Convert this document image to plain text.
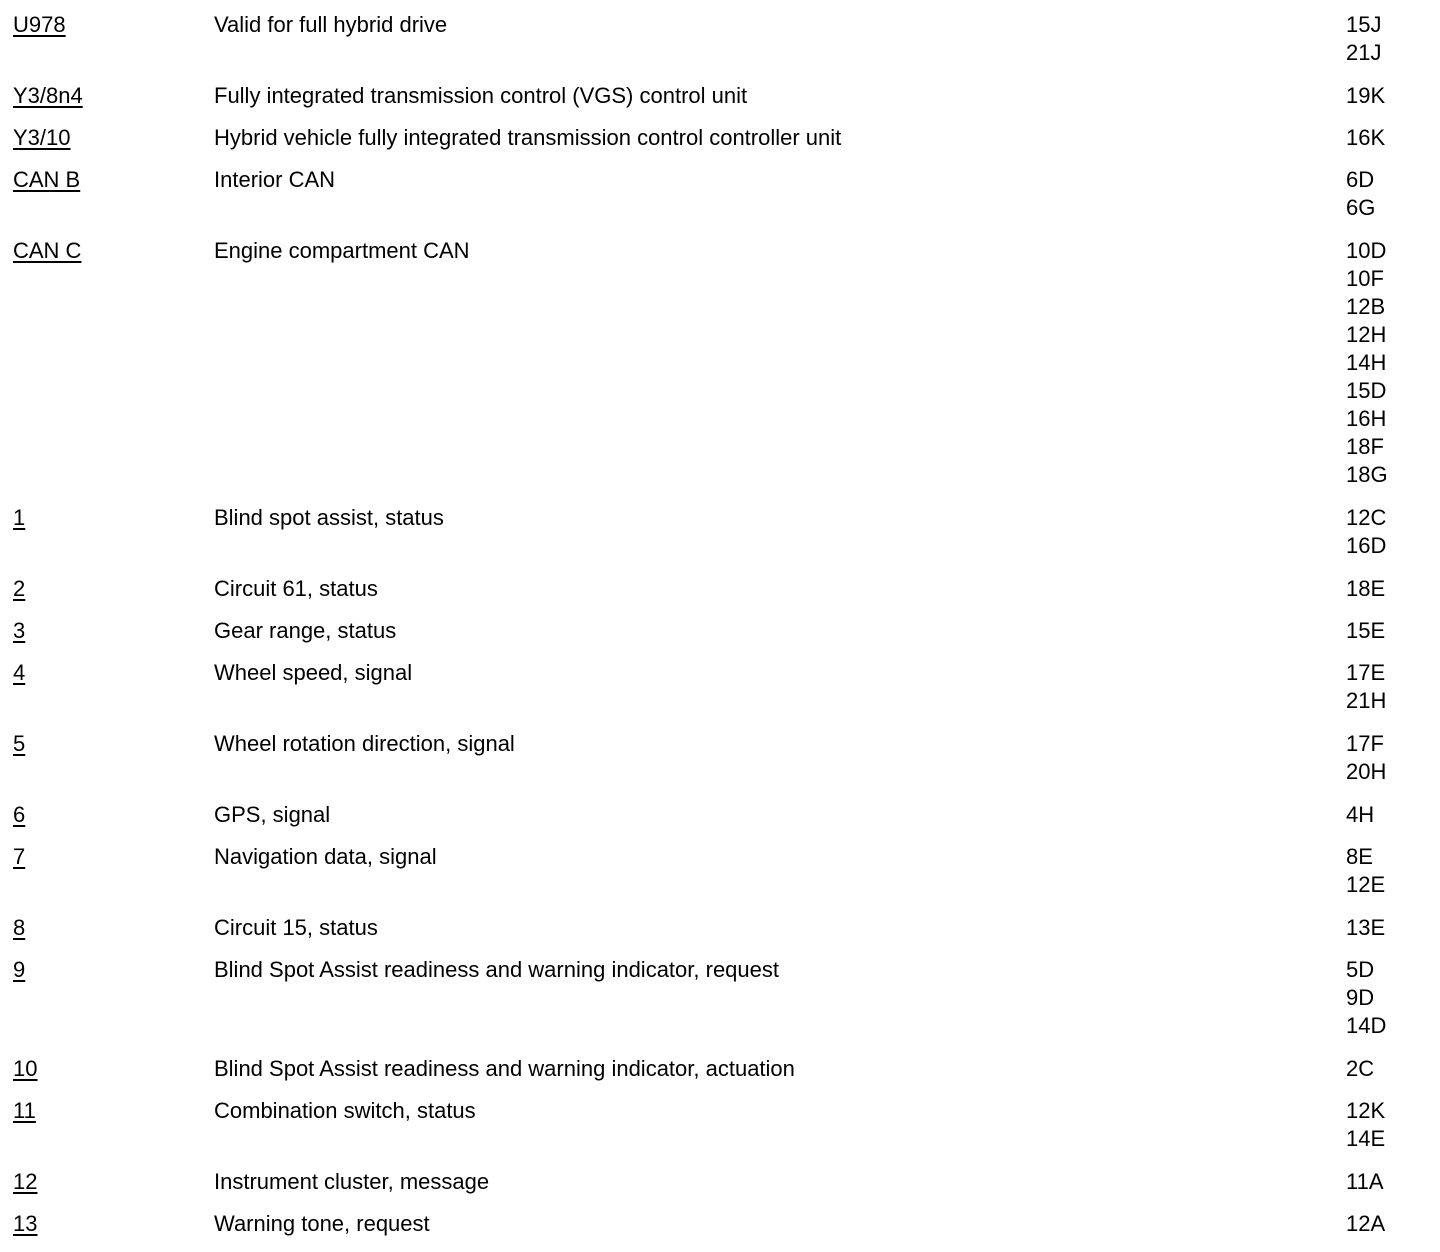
U978	Valid for full hybrid drive	15J
21J
Y3/8n4	Fully integrated transmission control (VGS) control unit	19K
Y3/10	Hybrid vehicle fully integrated transmission control controller unit	16K
CAN B	Interior CAN	6D
6G
CAN C	Engine compartment CAN	10D
10F
12B
12H
14H
15D
16H
18F
18G
1	Blind spot assist, status	12C
16D
2	Circuit 61, status	18E
3	Gear range, status	15E
4	Wheel speed, signal	17E
21H
5	Wheel rotation direction, signal	17F
20H
6	GPS, signal	4H
7	Navigation data, signal	8E
12E
8	Circuit 15, status	13E
9	Blind Spot Assist readiness and warning indicator, request	5D
9D
14D
10	Blind Spot Assist readiness and warning indicator, actuation	2C
11	Combination switch, status	12K
14E
12	Instrument cluster, message	11A
13	Warning tone, request	12A
